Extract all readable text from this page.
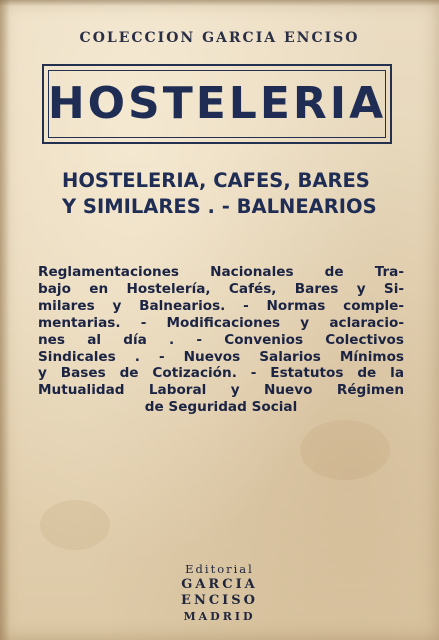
COLECCION GARCIA ENCISO
HOSTELERIA
HOSTELERIA, CAFES, BARES
Y SIMILARES . - BALNEARIOS
Reglamentaciones Nacionales de Tra-
bajo en Hostelería, Cafés, Bares y Si-
milares y Balnearios. - Normas comple-
mentarias. - Modificaciones y aclaracio-
nes al día . - Convenios Colectivos
Sindicales . - Nuevos Salarios Mínimos
y Bases de Cotización. - Estatutos de la
Mutualidad Laboral y Nuevo Régimen
de Seguridad Social
Editorial
GARCIA
ENCISO
MADRID
